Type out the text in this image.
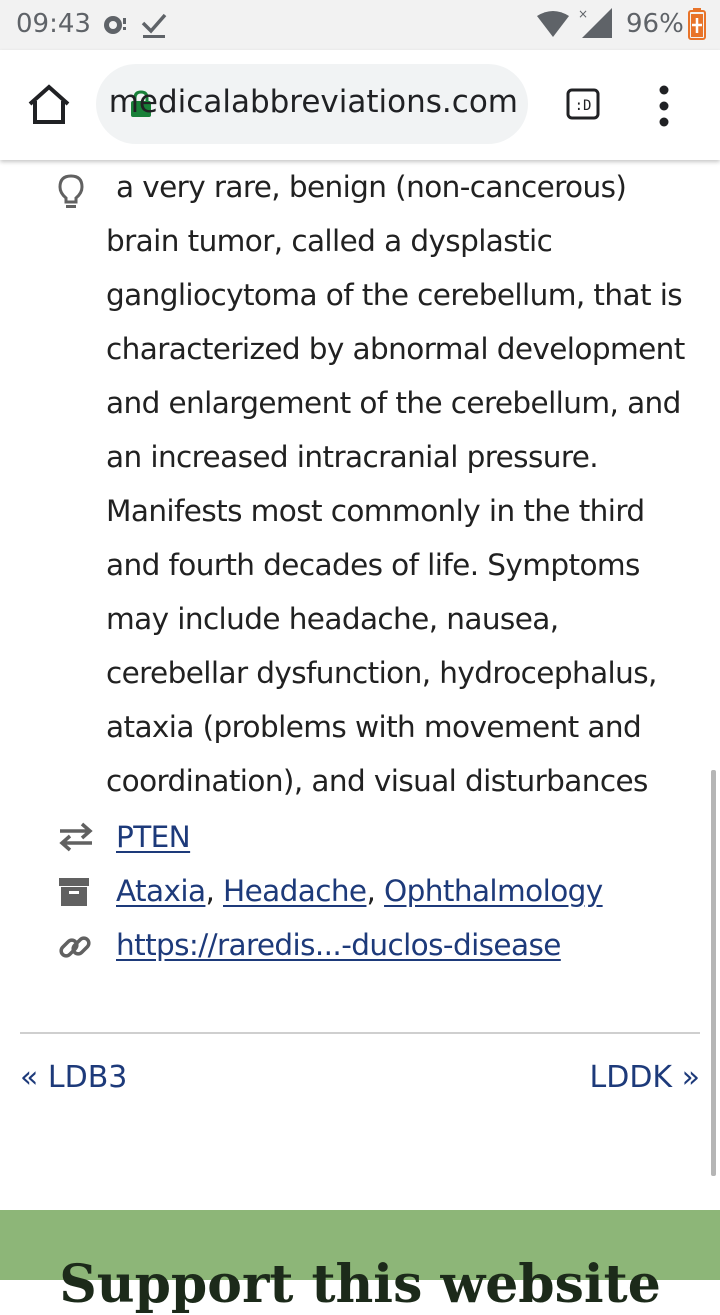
09:43	× 96%
medicalabbreviations.com	:D
a very rare, benign (non-cancerous) brain tumor, called a dysplastic gangliocytoma of the cerebellum, that is characterized by abnormal development and enlargement of the cerebellum, and an increased intracranial pressure. Manifests most commonly in the third and fourth decades of life. Symptoms may include headache, nausea, cerebellar dysfunction, hydrocephalus, ataxia (problems with movement and coordination), and visual disturbances
PTEN
Ataxia, Headache, Ophthalmology
https://raredis...-duclos-disease
« LDB3	LDDK »
Support this website
